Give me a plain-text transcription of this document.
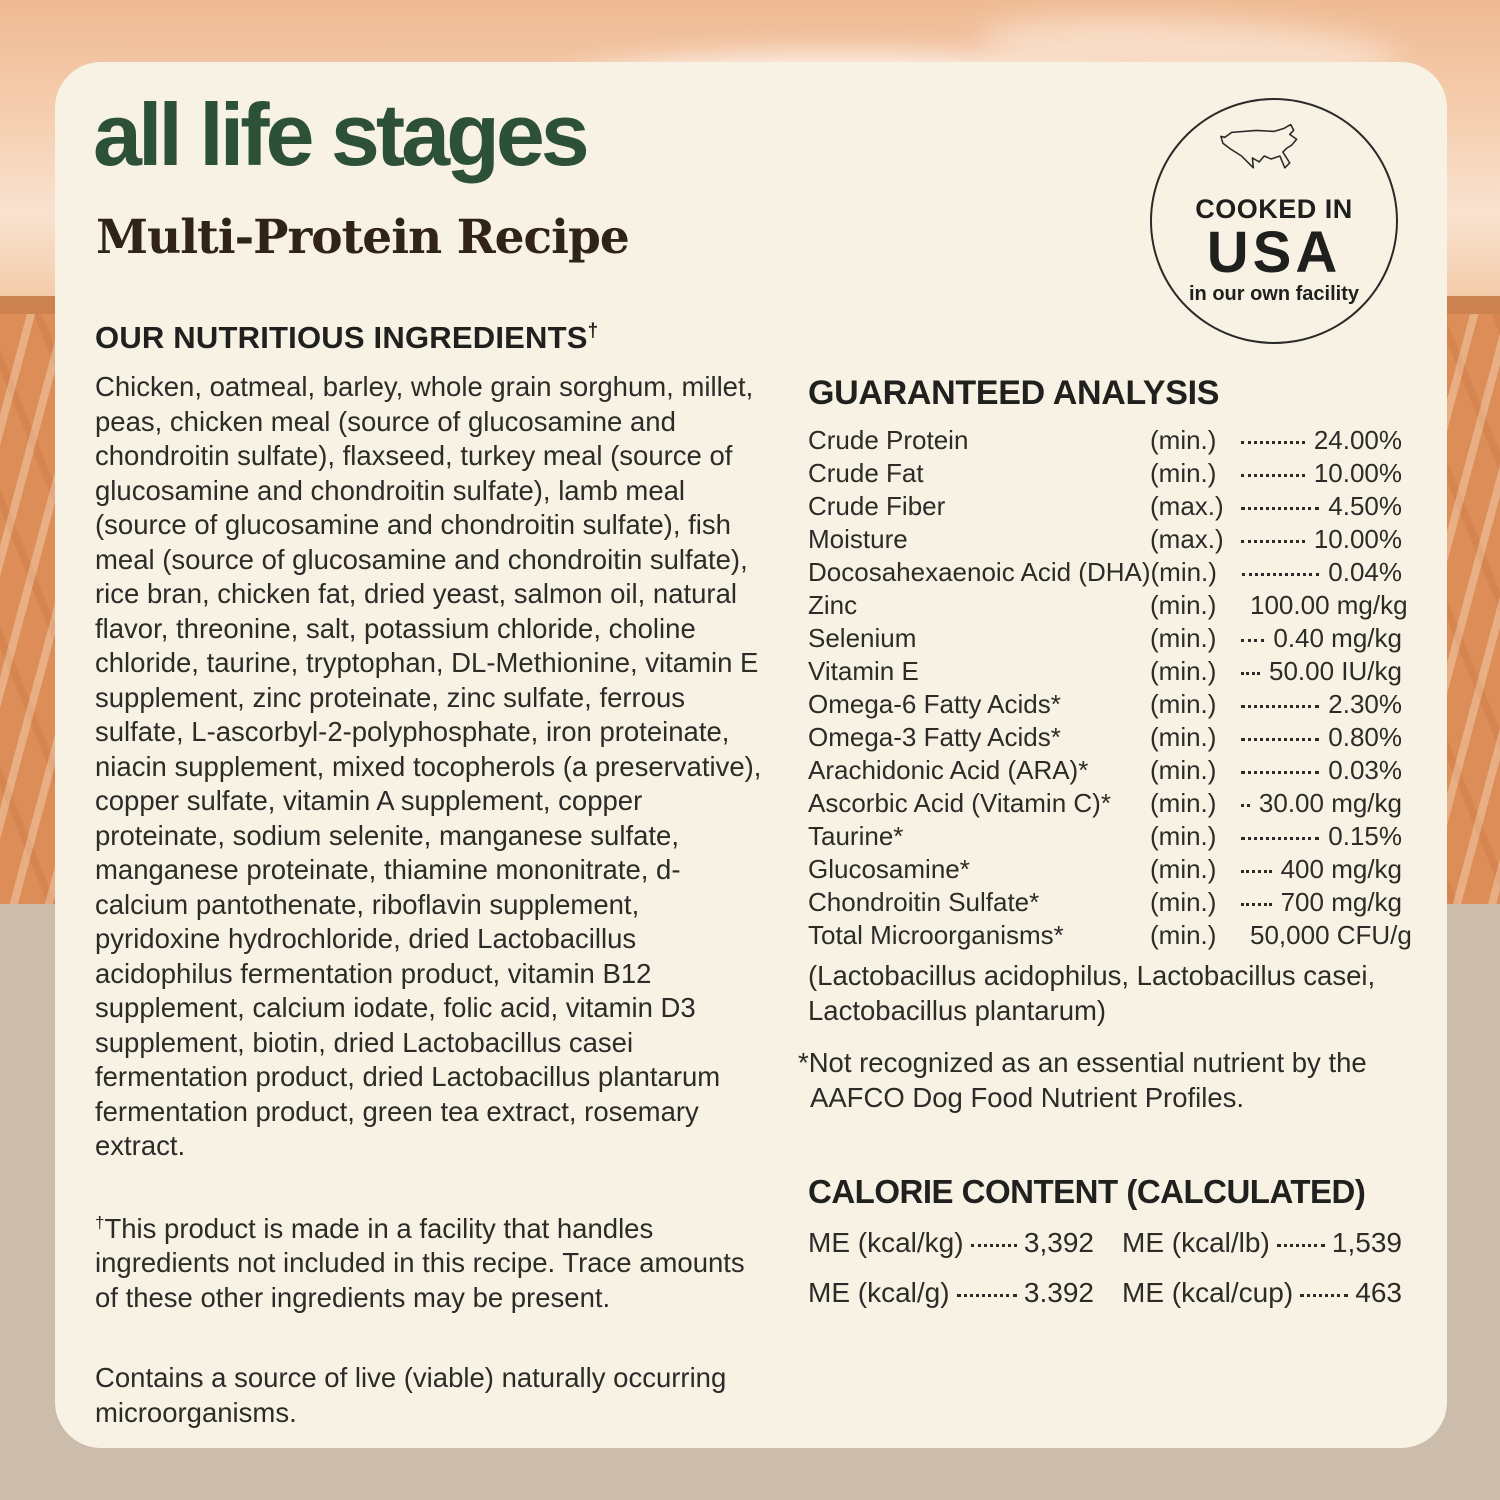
all life stages
Multi-Protein Recipe
COOKED IN
USA
in our own facility
OUR NUTRITIOUS INGREDIENTS†
Chicken, oatmeal, barley, whole grain sorghum, millet, peas, chicken meal (source of glucosamine and chondroitin sulfate), flaxseed, turkey meal (source of glucosamine and chondroitin sulfate), lamb meal (source of glucosamine and chondroitin sulfate), fish meal (source of glucosamine and chondroitin sulfate), rice bran, chicken fat, dried yeast, salmon oil, natural flavor, threonine, salt, potassium chloride, choline chloride, taurine, tryptophan, DL-Methionine, vitamin E supplement, zinc proteinate, zinc sulfate, ferrous sulfate, L-ascorbyl-2-polyphosphate, iron proteinate, niacin supplement, mixed tocopherols (a preservative), copper sulfate, vitamin A supplement, copper proteinate, sodium selenite, manganese sulfate, manganese proteinate, thiamine mononitrate, d-calcium pantothenate, riboflavin supplement, pyridoxine hydrochloride, dried Lactobacillus acidophilus fermentation product, vitamin B12 supplement, calcium iodate, folic acid, vitamin D3 supplement, biotin, dried Lactobacillus casei fermentation product, dried Lactobacillus plantarum fermentation product, green tea extract, rosemary extract.
†This product is made in a facility that handles ingredients not included in this recipe. Trace amounts of these other ingredients may be present.
Contains a source of live (viable) naturally occurring microorganisms.
GUARANTEED ANALYSIS
Crude Protein	(min.)	24.00%
Crude Fat	(min.)	10.00%
Crude Fiber	(max.)	4.50%
Moisture	(max.)	10.00%
Docosahexaenoic Acid (DHA) (min.)	0.04%
Zinc	(min.)	100.00 mg/kg
Selenium	(min.)	0.40 mg/kg
Vitamin E	(min.)	50.00 IU/kg
Omega-6 Fatty Acids*	(min.)	2.30%
Omega-3 Fatty Acids*	(min.)	0.80%
Arachidonic Acid (ARA)*	(min.)	0.03%
Ascorbic Acid (Vitamin C)*	(min.)	30.00 mg/kg
Taurine*	(min.)	0.15%
Glucosamine*	(min.)	400 mg/kg
Chondroitin Sulfate*	(min.)	700 mg/kg
Total Microorganisms*	(min.)	50,000 CFU/g
(Lactobacillus acidophilus, Lactobacillus casei, Lactobacillus plantarum)
*Not recognized as an essential nutrient by the AAFCO Dog Food Nutrient Profiles.
CALORIE CONTENT (CALCULATED)
ME (kcal/kg) 3,392 ME (kcal/lb) 1,539
ME (kcal/g)	3.392 ME (kcal/cup) 463
